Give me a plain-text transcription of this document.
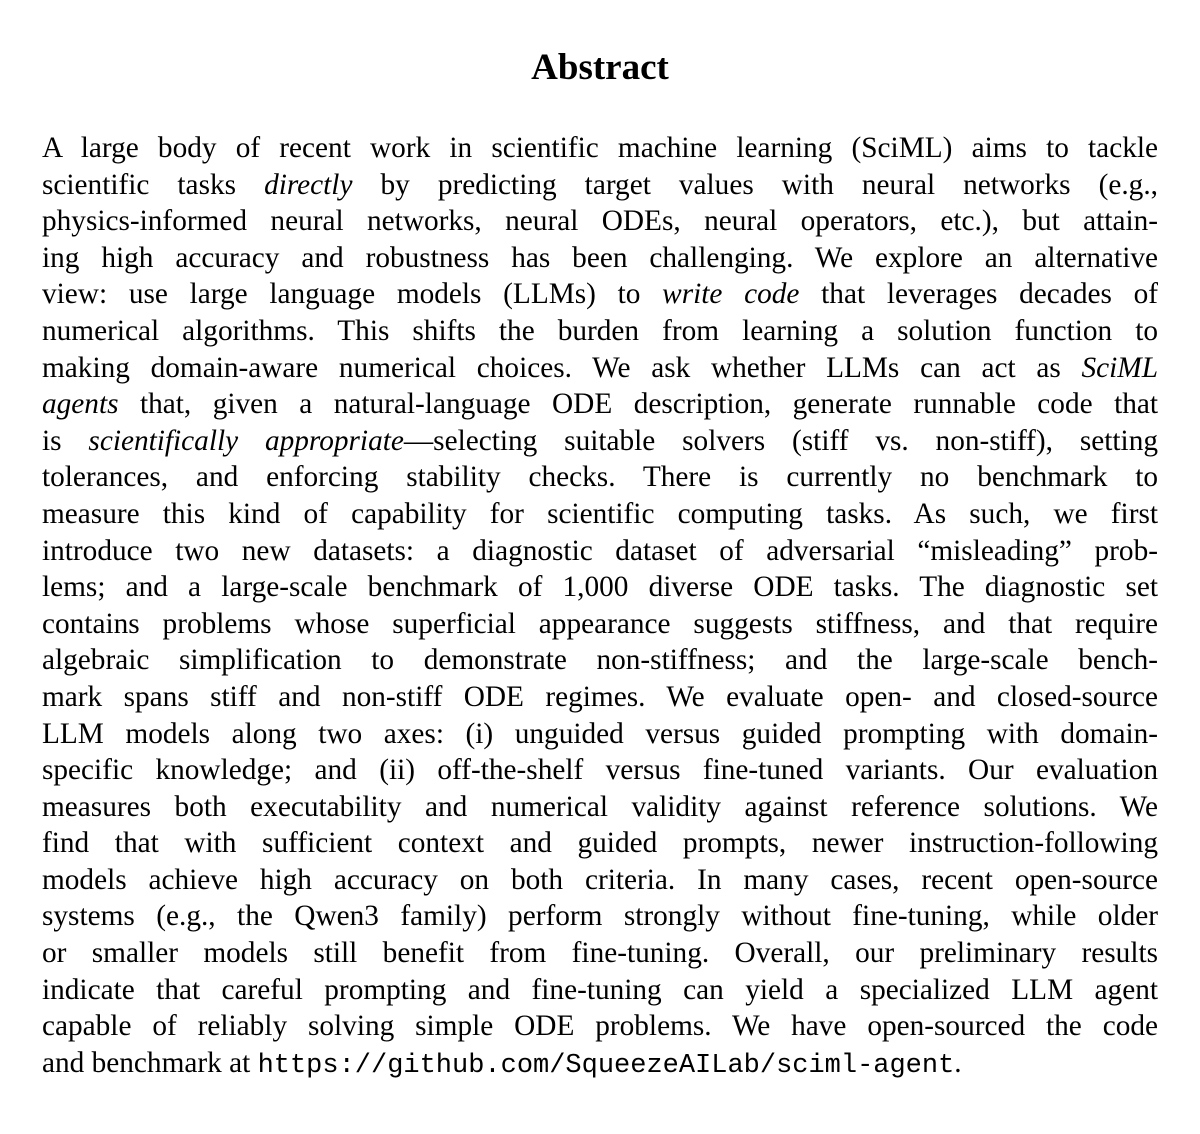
Abstract
A large body of recent work in scientific machine learning (SciML) aims to tackle
scientific tasks directly by predicting target values with neural networks (e.g.,
physics-informed neural networks, neural ODEs, neural operators, etc.), but attain-
ing high accuracy and robustness has been challenging. We explore an alternative
view: use large language models (LLMs) to write code that leverages decades of
numerical algorithms. This shifts the burden from learning a solution function to
making domain-aware numerical choices. We ask whether LLMs can act as SciML
agents that, given a natural-language ODE description, generate runnable code that
is scientifically appropriate—selecting suitable solvers (stiff vs. non-stiff), setting
tolerances, and enforcing stability checks. There is currently no benchmark to
measure this kind of capability for scientific computing tasks. As such, we first
introduce two new datasets: a diagnostic dataset of adversarial “misleading” prob-
lems; and a large-scale benchmark of 1,000 diverse ODE tasks. The diagnostic set
contains problems whose superficial appearance suggests stiffness, and that require
algebraic simplification to demonstrate non-stiffness; and the large-scale bench-
mark spans stiff and non-stiff ODE regimes. We evaluate open- and closed-source
LLM models along two axes: (i) unguided versus guided prompting with domain-
specific knowledge; and (ii) off-the-shelf versus fine-tuned variants. Our evaluation
measures both executability and numerical validity against reference solutions. We
find that with sufficient context and guided prompts, newer instruction-following
models achieve high accuracy on both criteria. In many cases, recent open-source
systems (e.g., the Qwen3 family) perform strongly without fine-tuning, while older
or smaller models still benefit from fine-tuning. Overall, our preliminary results
indicate that careful prompting and fine-tuning can yield a specialized LLM agent
capable of reliably solving simple ODE problems. We have open-sourced the code
and benchmark at https://github.com/SqueezeAILab/sciml-agent.
